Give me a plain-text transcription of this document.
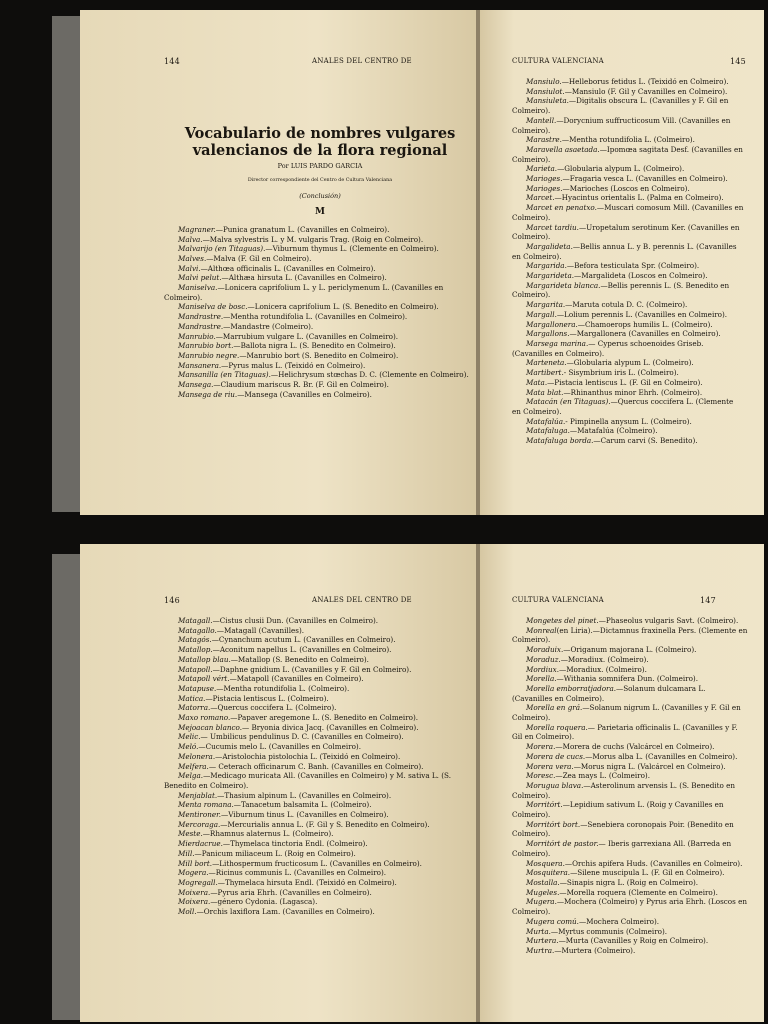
144	ANALES DEL CENTRO DE
Vocabulario de nombres vulgares
valencianos de la flora regional
Por LUIS PARDO GARCIA
Director correspondiente del Centro de Cultura Valenciana
(Conclusión)
M

Magraner.—Punica granatum L. (Cavanilles en Colmeiro).

Malva.—Malva sylvestris L. y M. vulgaris Trag. (Roig en Colmeiro).

Malvarijo (en Titaguas).—Viburnum thymus L. (Clemente en Colmeiro).

Malves.—Malva (F. Gil en Colmeiro).

Malvi.—Althœa officinalis L. (Cavanilles en Colmeiro).

Malvi pelut.—Althæa hirsuta L. (Cavanilles en Colmeiro).

Maniselva.—Lonicera caprifolium L. y L. periclymenum L. (Cavanilles en Colmeiro).

Maniselva de bosc.—Lonicera caprifolium L. (S. Benedito en Colmeiro).

Mandrastre.—Mentha rotundifolia L. (Cavanilles en Colmeiro).

Mandrastre.—Mandastre (Colmeiro).

Manrubio.—Marrubium vulgare L. (Cavanilles en Colmeiro).

Manrubio bort.—Ballota nigra L. (S. Benedito en Colmeiro).

Manrubio negre.—Manrubio bort (S. Benedito en Colmeiro).

Mansanera.—Pyrus malus L. (Teixidó en Colmeiro).

Mansanilla (en Titaguas).—Helichrysum stœchas D. C. (Clemente en Colmeiro).

Mansega.—Claudium mariscus R. Br. (F. Gil en Colmeiro).

Mansega de riu.—Mansega (Cavanilles en Colmeiro).

CULTURA VALENCIANA	145

Mansiulo.—Helleborus fetidus L. (Teixidó en Colmeiro).

Mansiulot.—Mansiulo (F. Gil y Cavanilles en Colmeiro).

Mansiuleta.—Digitalis obscura L. (Cavanilles y F. Gil en Colmeiro).

Mantell.—Dorycnium suffructicosum Vill. (Cavanilles en Colmeiro).

Marastre.—Mentha rotundifolia L. (Colmeiro).

Maravella asaetada.—Ipomœa sagitata Desf. (Cavanilles en Colmeiro).

Marieta.—Globularia alypum L. (Colmeiro).

Marioges.—Fragaria vesca L. (Cavanilles en Colmeiro).

Marioges.—Marioches (Loscos en Colmeiro).

Marcet.—Hyacintus orientalis L. (Palma en Colmeiro).

Marcet en penatxo.—Muscari comosum Mill. (Cavanilles en Colmeiro).

Marcet tardiu.—Uropetalum serotinum Ker. (Cavanilles en Colmeiro).

Margalideta.—Bellis annua L. y B. perennis L. (Cavanilles en Colmeiro).

Margarida.—Befora testiculata Spr. (Colmeiro).

Margarideta.—Margalideta (Loscos en Colmeiro).

Margarideta blanca.—Bellis perennis L. (S. Benedito en Colmeiro).

Margarita.—Maruta cotula D. C. (Colmeiro).

Margall.—Lolium perennis L. (Cavanilles en Colmeiro).

Margallonera.—Chamoerops humilis L. (Colmeiro).

Margallons.—Margallonera (Cavanilles en Colmeiro).

Marsega marina.— Cyperus schoenoides Griseb. (Cavanilles en Colmeiro).

Marteneta.—Globularia alypum L. (Colmeiro).

Martibert.- Sisymbrium iris L. (Colmeiro).

Mata.—Pistacia lentiscus L. (F. Gil en Colmeiro).

Mata blat.—Rhinanthus minor Ehrh. (Colmeiro).

Matacán (en Titaguas).—Quercus coccifera L. (Clemente en Colmeiro).

Matafalúa.- Pimpinella anysum L. (Colmeiro).

Matafaluga.—Matafalúa (Colmeiro).

Matafaluga borda.—Carum carvi (S. Benedito).

146	ANALES DEL CENTRO DE

Matagall.—Cistus clusii Dun. (Cavanilles en Colmeiro).

Matagallo.—Matagall (Cavanilles).

Matagós.—Cynanchum acutum L. (Cavanilles en Colmeiro).

Matallop.—Aconitum napellus L. (Cavanilles en Colmeiro).

Matallop blau.—Matallop (S. Benedito en Colmeiro).

Matapoll.—Daphne gnidium L. (Cavanilles y F. Gil en Colmeiro).

Matapoll vért.—Matapoll (Cavanilles en Colmeiro).

Matapuse.—Mentha rotundifolia L. (Colmeiro).

Matica.—Pistacia lentiscus L. (Colmeiro).

Matorra.—Quercus coccifera L. (Colmeiro).

Maxo romano.—Papaver aregemone L. (S. Benedito en Colmeiro).

Mejoacan blanco.— Bryonia divica Jacq. (Cavanilles en Colmeiro).

Melic.— Umbilicus pendulinus D. C. (Cavanilles en Colmeiro).

Meló.—Cucumis melo L. (Cavanilles en Colmeiro).

Melonera.—Aristolochia pistolochia L. (Teixidó en Colmeiro).

Melfera.— Ceterach officinarum C. Banh. (Cavanilles en Colmeiro).

Melga.—Medicago muricata All. (Cavanilles en Colmeiro) y M. sativa L. (S. Benedito en Colmeiro).

Menjablat.—Thasium alpinum L. (Cavanilles en Colmeiro).

Menta romana.—Tanacetum balsamita L. (Colmeiro).

Mentironer.—Viburnum tinus L. (Cavanilles en Colmeiro).

Mercoraga.—Mercurialis annua L. (F. Gil y S. Benedito en Colmeiro).

Meste.—Rhamnus alaternus L. (Colmeiro).

Mierdacrue.—Thymelaca tinctoria Endl. (Colmeiro).

Mill.—Panicum miliaceum L. (Roig en Colmeiro).

Mill bort.—Lithospermum fructicosum L. (Cavanilles en Colmeiro).

Mogera.—Ricinus communis L. (Cavanilles en Colmeiro).

Mogregall.—Thymelaca hirsuta Endl. (Teixidó en Colmeiro).

Moixera.—Pyrus aria Ehrh. (Cavanilles en Colmeiro).

Moixera.—género Cydonia. (Lagasca).

Moll.—Orchis laxiflora Lam. (Cavanilles en Colmeiro).

CULTURA VALENCIANA	147

Mongetes del pinet.—Phaseolus vulgaris Savt. (Colmeiro).

Monreal(en Liria).—Dictamnus fraxinella Pers. (Clemente en Colmeiro).

Moraduix.—Origanum majorana L. (Colmeiro).

Moraduz.—Moradiux. (Colmeiro).

Mordiux.—Moradiux. (Colmeiro).

Morella.—Withania somnifera Dun. (Colmeiro).

Morella emborratjadora.—Solanum dulcamara L. (Cavanilles en Colmeiro).

Morella en grá.—Solanum nigrum L. (Cavanilles y F. Gil en Colmeiro).

Morella roquera.— Parietaria officinalis L. (Cavanilles y F. Gil en Colmeiro).

Morera.—Morera de cuchs (Valcárcel en Colmeiro).

Morera de cucs.—Morus alba L. (Cavanilles en Colmeiro).

Morera vera.—Morus nigra L. (Valcárcel en Colmeiro).

Moresc.—Zea mays L. (Colmeiro).

Morugua blava.—Asterolinum arvensis L. (S. Benedito en Colmeiro).

Morritórt.—Lepidium sativum L. (Roig y Cavanilles en Colmeiro).

Morritórt bort.—Senebiera coronopais Poir. (Benedito en Colmeiro).

Morritórt de pastor.— Iberis garrexiana All. (Barreda en Colmeiro).

Mosquera.—Orchis apifera Huds. (Cavanilles en Colmeiro).

Mosquitera.—Silene muscipula L. (F. Gil en Colmeiro).

Mostalla.—Sinapis nigra L. (Roig en Colmeiro).

Mugeles.—Morella roquera (Clemente en Colmeiro).

Mugera.—Mochera (Colmeiro) y Pyrus aria Ehrh. (Loscos en Colmeiro).

Mugera comú.—Mochera Colmeiro).

Murta.—Myrtus communis (Colmeiro).

Murtera.—Murta (Cavanilles y Roig en Colmeiro).

Murtra.—Murtera (Colmeiro).
